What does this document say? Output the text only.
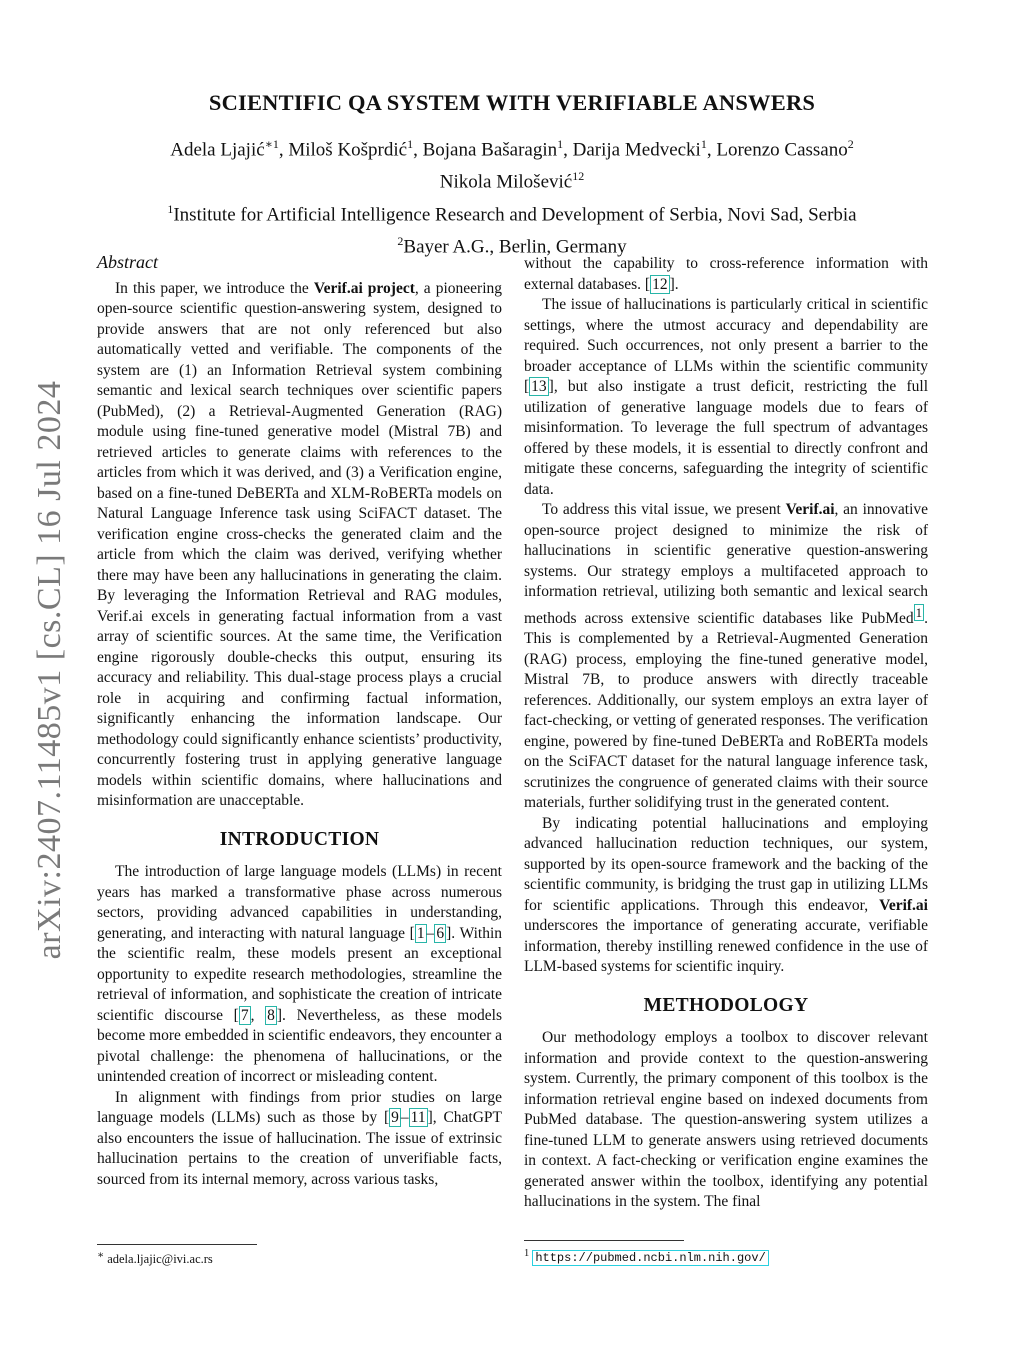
arXiv:2407.11485v1 [cs.CL] 16 Jul 2024
SCIENTIFIC QA SYSTEM WITH VERIFIABLE ANSWERS
Adela Ljajić$^{∗1}$, Miloš Košprdić$^1$, Bojana Bašaragin$^1$, Darija Medvecki$^1$, Lorenzo Cassano$^2$
Nikola Milošević$^{12}$
$^1$Institute for Artificial Intelligence Research and Development of Serbia, Novi Sad, Serbia
$^2$Bayer A.G., Berlin, Germany
Abstract

In this paper, we introduce the Verif.ai project, a pioneering open-source scientific question-answering system, designed to provide answers that are not only referenced but also automatically vetted and verifiable. The components of the system are (1) an Information Retrieval system combining semantic and lexical search techniques over scientific papers (PubMed), (2) a Retrieval-Augmented Generation (RAG) module using fine-tuned generative model (Mistral 7B) and retrieved articles to generate claims with references to the articles from which it was derived, and (3) a Verification engine, based on a fine-tuned DeBERTa and XLM-RoBERTa models on Natural Language Inference task using SciFACT dataset. The verification engine cross-checks the generated claim and the article from which the claim was derived, verifying whether there may have been any hallucinations in generating the claim. By leveraging the Information Retrieval and RAG modules, Verif.ai excels in generating factual information from a vast array of scientific sources. At the same time, the Verification engine rigorously double-checks this output, ensuring its accuracy and reliability. This dual-stage process plays a crucial role in acquiring and confirming factual information, significantly enhancing the information landscape. Our methodology could significantly enhance scientists’ productivity, concurrently fostering trust in applying generative language models within scientific domains, where hallucinations and misinformation are unacceptable.

INTRODUCTION

The introduction of large language models (LLMs) in recent years has marked a transformative phase across numerous sectors, providing advanced capabilities in understanding, generating, and interacting with natural language [ 1 – 6 ]. Within the scientific realm, these models present an exceptional opportunity to expedite research methodologies, streamline the retrieval of information, and sophisticate the creation of intricate scientific discourse [ 7 , 8 ]. Nevertheless, as these models become more embedded in scientific endeavors, they encounter a pivotal challenge: the phenomena of hallucinations, or the unintended creation of incorrect or misleading content.

In alignment with findings from prior studies on large language models (LLMs) such as those by [ 9 – 11 ], ChatGPT also encounters the issue of hallucination. The issue of extrinsic hallucination pertains to the creation of unverifiable facts, sourced from its internal memory, across various tasks,

without the capability to cross-reference information with external databases. [ 12 ].

The issue of hallucinations is particularly critical in scientific settings, where the utmost accuracy and dependability are required. Such occurrences, not only present a barrier to the broader acceptance of LLMs within the scientific community [ 13 ], but also instigate a trust deficit, restricting the full utilization of generative language models due to fears of misinformation. To leverage the full spectrum of advantages offered by these models, it is essential to directly confront and mitigate these concerns, safeguarding the integrity of scientific data.

To address this vital issue, we present Verif.ai, an innovative open-source project designed to minimize the risk of hallucinations in scientific generative question-answering systems. Our strategy employs a multifaceted approach to information retrieval, utilizing both semantic and lexical search methods across extensive scientific databases like PubMed $^1$ . This is complemented by a Retrieval-Augmented Generation (RAG) process, employing the fine-tuned generative model, Mistral 7B, to produce answers with directly traceable references. Additionally, our system employs an extra layer of fact-checking, or vetting of generated responses. The verification engine, powered by fine-tuned DeBERTa and RoBERTa models on the SciFACT dataset for the natural language inference task, scrutinizes the congruence of generated claims with their source materials, further solidifying trust in the generated content.

By indicating potential hallucinations and employing advanced hallucination reduction techniques, our system, supported by its open-source framework and the backing of the scientific community, is bridging the trust gap in utilizing LLMs for scientific applications. Through this endeavor, Verif.ai underscores the importance of generating accurate, verifiable information, thereby instilling renewed confidence in the use of LLM-based systems for scientific inquiry.

METHODOLOGY

Our methodology employs a toolbox to discover relevant information and provide context to the question-answering system. Currently, the primary component of this toolbox is the information retrieval engine based on indexed documents from PubMed database. The question-answering system utilizes a fine-tuned LLM to generate answers using retrieved documents in context. A fact-checking or verification engine examines the generated answer within the toolbox, identifying any potential hallucinations in the system. The final

∗ adela.ljajic@ivi.ac.rs	$^1$ https://pubmed.ncbi.nlm.nih.gov/
